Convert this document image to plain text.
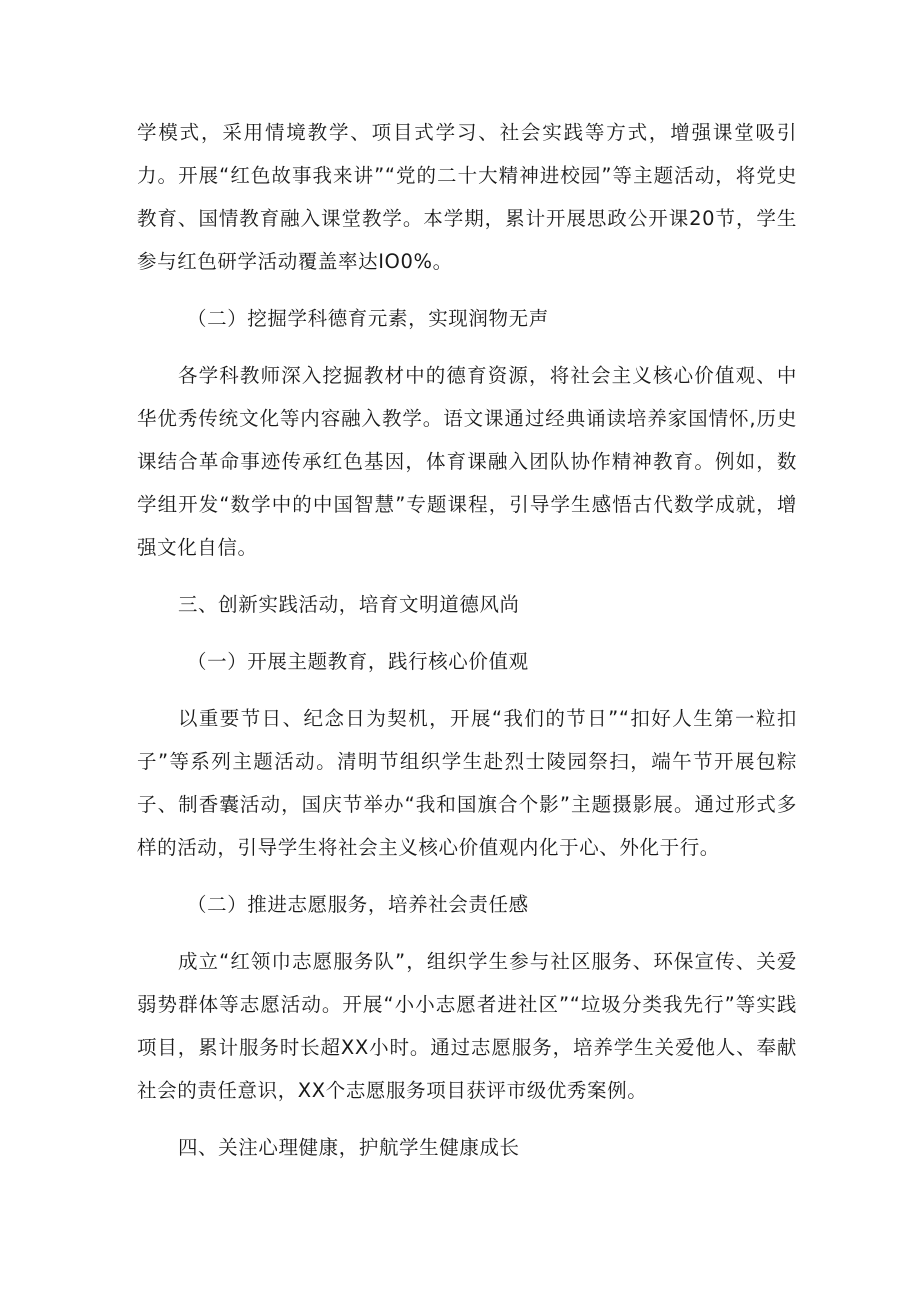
学模式，采用情境教学、项目式学习、社会实践等方式，增强课堂吸引力。开展“红色故事我来讲”“党的二十大精神进校园”等主题活动，将党史教育、国情教育融入课堂教学。本学期，累计开展思政公开课20节，学生参与红色研学活动覆盖率达IO0%。

（二）挖掘学科德育元素，实现润物无声

各学科教师深入挖掘教材中的德育资源，将社会主义核心价值观、中华优秀传统文化等内容融入教学。语文课通过经典诵读培养家国情怀,历史课结合革命事迹传承红色基因，体育课融入团队协作精神教育。例如，数学组开发“数学中的中国智慧”专题课程，引导学生感悟古代数学成就，增强文化自信。

三、创新实践活动，培育文明道德风尚

（一）开展主题教育，践行核心价值观

以重要节日、纪念日为契机，开展“我们的节日”“扣好人生第一粒扣子”等系列主题活动。清明节组织学生赴烈士陵园祭扫，端午节开展包粽子、制香囊活动，国庆节举办“我和国旗合个影”主题摄影展。通过形式多样的活动，引导学生将社会主义核心价值观内化于心、外化于行。

（二）推进志愿服务，培养社会责任感

成立“红领巾志愿服务队”，组织学生参与社区服务、环保宣传、关爱弱势群体等志愿活动。开展“小小志愿者进社区”“垃圾分类我先行”等实践项目，累计服务时长超XX小时。通过志愿服务，培养学生关爱他人、奉献社会的责任意识，XX个志愿服务项目获评市级优秀案例。

四、关注心理健康，护航学生健康成长
